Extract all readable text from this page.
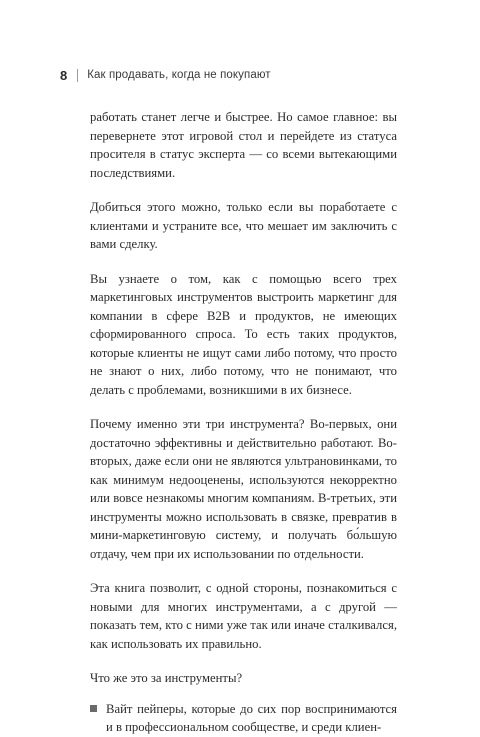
8 Как продавать, когда не покупают

работать станет легче и быстрее. Но самое главное: вы перевернете этот игровой стол и перейдете из статуса просителя в статус эксперта — со всеми вытекающими последствиями.

Добиться этого можно, только если вы поработаете с клиентами и устраните все, что мешает им заключить с вами сделку.

Вы узнаете о том, как с помощью всего трех маркетинговых инструментов выстроить маркетинг для компании в сфере B2B и продуктов, не имеющих сформированного спроса. То есть таких продуктов, которые клиенты не ищут сами либо потому, что просто не знают о них, либо потому, что не понимают, что делать с проблемами, возникшими в их бизнесе.

Почему именно эти три инструмента? Во-первых, они достаточно эффективны и действительно работают. Во-вторых, даже если они не являются ультрановинками, то как минимум недооценены, используются некорректно или вовсе незнакомы многим компаниям. В-третьих, эти инструменты можно использовать в связке, превратив в мини-маркетинговую систему, и получать бо́льшую отдачу, чем при их использовании по отдельности.

Эта книга позволит, с одной стороны, познакомиться с новыми для многих инструментами, а с другой — показать тем, кто с ними уже так или иначе сталкивался, как использовать их правильно.

Что же это за инструменты?

Вайт пейперы, которые до сих пор воспринимаются и в профессиональном сообществе, и среди клиен-
